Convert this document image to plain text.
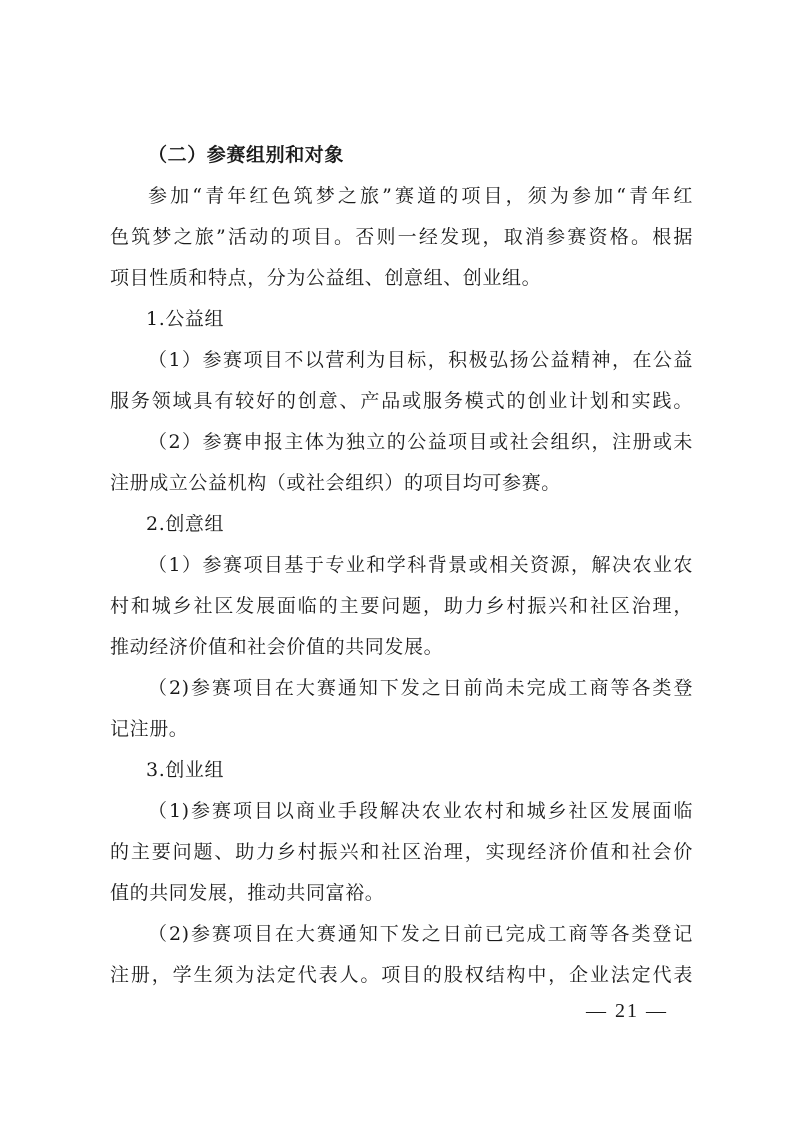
（二）参赛组别和对象
参加“青年红色筑梦之旅”赛道的项目，须为参加“青年红
色筑梦之旅”活动的项目。否则一经发现，取消参赛资格。根据
项目性质和特点，分为公益组、创意组、创业组。
1.公益组
（1）参赛项目不以营利为目标，积极弘扬公益精神，在公益
服务领域具有较好的创意、产品或服务模式的创业计划和实践。
（2）参赛申报主体为独立的公益项目或社会组织，注册或未
注册成立公益机构（或社会组织）的项目均可参赛。
2.创意组
（1）参赛项目基于专业和学科背景或相关资源，解决农业农
村和城乡社区发展面临的主要问题，助力乡村振兴和社区治理，
推动经济价值和社会价值的共同发展。
（2)参赛项目在大赛通知下发之日前尚未完成工商等各类登
记注册。
3.创业组
（1)参赛项目以商业手段解决农业农村和城乡社区发展面临
的主要问题、助力乡村振兴和社区治理，实现经济价值和社会价
值的共同发展，推动共同富裕。
（2)参赛项目在大赛通知下发之日前已完成工商等各类登记
注册，学生须为法定代表人。项目的股权结构中，企业法定代表
— 21 —
